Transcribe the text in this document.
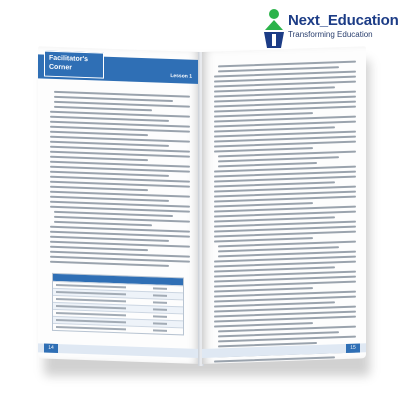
Next_Education
Transforming Education
Lesson 1
Facilitator's
Corner
14	15
